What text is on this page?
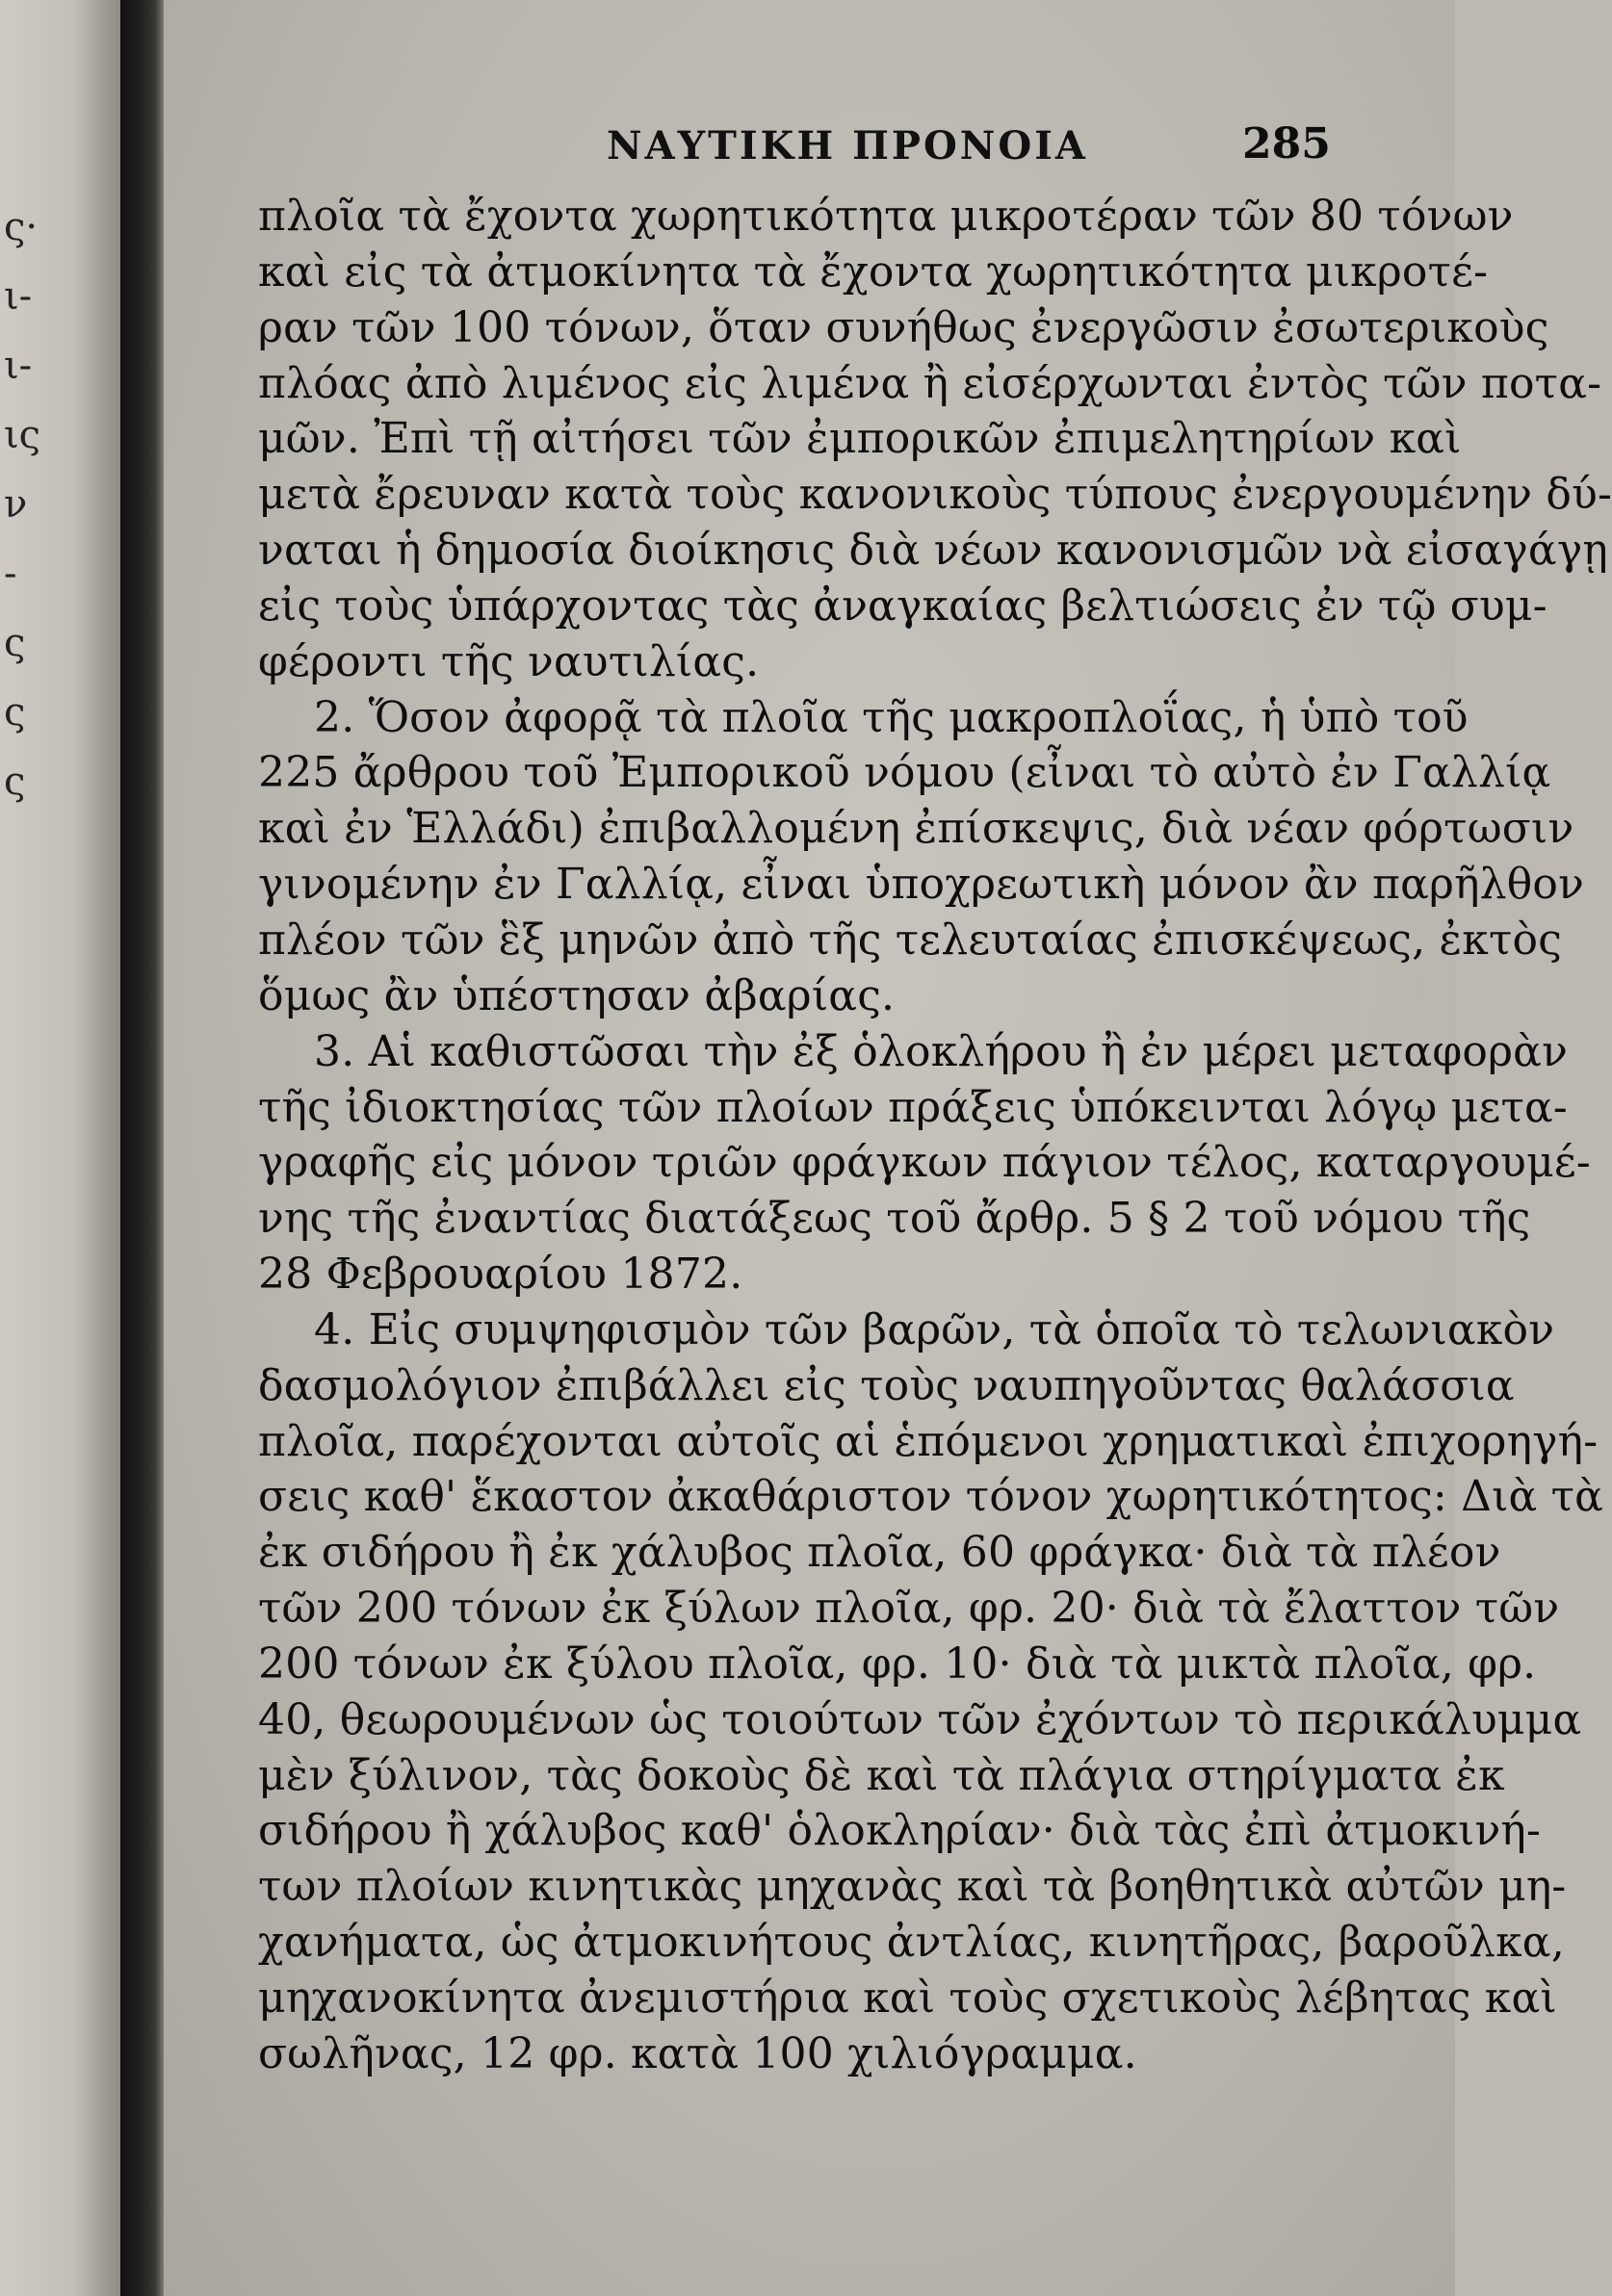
ς·
ι-
ι-
ις
ν
-
ς
ς
ς
ΝΑΥΤΙΚΗ ΠΡΟΝΟΙΑ	285
πλοῖα τὰ ἔχοντα χωρητικότητα μικροτέραν τῶν 80 τόνων
καὶ εἰς τὰ ἀτμοκίνητα τὰ ἔχοντα χωρητικότητα μικροτέ-
ραν τῶν 100 τόνων, ὅταν συνήθως ἐνεργῶσιν ἐσωτερικοὺς
πλόας ἀπὸ λιμένος εἰς λιμένα ἢ εἰσέρχωνται ἐντὸς τῶν ποτα-
μῶν. Ἐπὶ τῇ αἰτήσει τῶν ἐμπορικῶν ἐπιμελητηρίων καὶ
μετὰ ἔρευναν κατὰ τοὺς κανονικοὺς τύπους ἐνεργουμένην δύ-
ναται ἡ δημοσία διοίκησις διὰ νέων κανονισμῶν νὰ εἰσαγάγῃ
εἰς τοὺς ὑπάρχοντας τὰς ἀναγκαίας βελτιώσεις ἐν τῷ συμ-
φέροντι τῆς ναυτιλίας.
2. Ὅσον ἀφορᾷ τὰ πλοῖα τῆς μακροπλοΐας, ἡ ὑπὸ τοῦ
225 ἄρθρου τοῦ Ἐμπορικοῦ νόμου (εἶναι τὸ αὐτὸ ἐν Γαλλίᾳ
καὶ ἐν Ἑλλάδι) ἐπιβαλλομένη ἐπίσκεψις, διὰ νέαν φόρτωσιν
γινομένην ἐν Γαλλίᾳ, εἶναι ὑποχρεωτικὴ μόνον ἂν παρῆλθον
πλέον τῶν ἓξ μηνῶν ἀπὸ τῆς τελευταίας ἐπισκέψεως, ἐκτὸς
ὅμως ἂν ὑπέστησαν ἀβαρίας.
3. Αἱ καθιστῶσαι τὴν ἐξ ὁλοκλήρου ἢ ἐν μέρει μεταφορὰν
τῆς ἰδιοκτησίας τῶν πλοίων πράξεις ὑπόκεινται λόγῳ μετα-
γραφῆς εἰς μόνον τριῶν φράγκων πάγιον τέλος, καταργουμέ-
νης τῆς ἐναντίας διατάξεως τοῦ ἄρθρ. 5 § 2 τοῦ νόμου τῆς
28 Φεβρουαρίου 1872.
4. Εἰς συμψηφισμὸν τῶν βαρῶν, τὰ ὁποῖα τὸ τελωνιακὸν
δασμολόγιον ἐπιβάλλει εἰς τοὺς ναυπηγοῦντας θαλάσσια
πλοῖα, παρέχονται αὐτοῖς αἱ ἑπόμενοι χρηματικαὶ ἐπιχορηγή-
σεις καθ' ἕκαστον ἀκαθάριστον τόνον χωρητικότητος: Διὰ τὰ
ἐκ σιδήρου ἢ ἐκ χάλυβος πλοῖα, 60 φράγκα· διὰ τὰ πλέον
τῶν 200 τόνων ἐκ ξύλων πλοῖα, φρ. 20· διὰ τὰ ἔλαττον τῶν
200 τόνων ἐκ ξύλου πλοῖα, φρ. 10· διὰ τὰ μικτὰ πλοῖα, φρ.
40, θεωρουμένων ὡς τοιούτων τῶν ἐχόντων τὸ περικάλυμμα
μὲν ξύλινον, τὰς δοκοὺς δὲ καὶ τὰ πλάγια στηρίγματα ἐκ
σιδήρου ἢ χάλυβος καθ' ὁλοκληρίαν· διὰ τὰς ἐπὶ ἀτμοκινή-
των πλοίων κινητικὰς μηχανὰς καὶ τὰ βοηθητικὰ αὐτῶν μη-
χανήματα, ὡς ἀτμοκινήτους ἀντλίας, κινητῆρας, βαροῦλκα,
μηχανοκίνητα ἀνεμιστήρια καὶ τοὺς σχετικοὺς λέβητας καὶ
σωλῆνας, 12 φρ. κατὰ 100 χιλιόγραμμα.
